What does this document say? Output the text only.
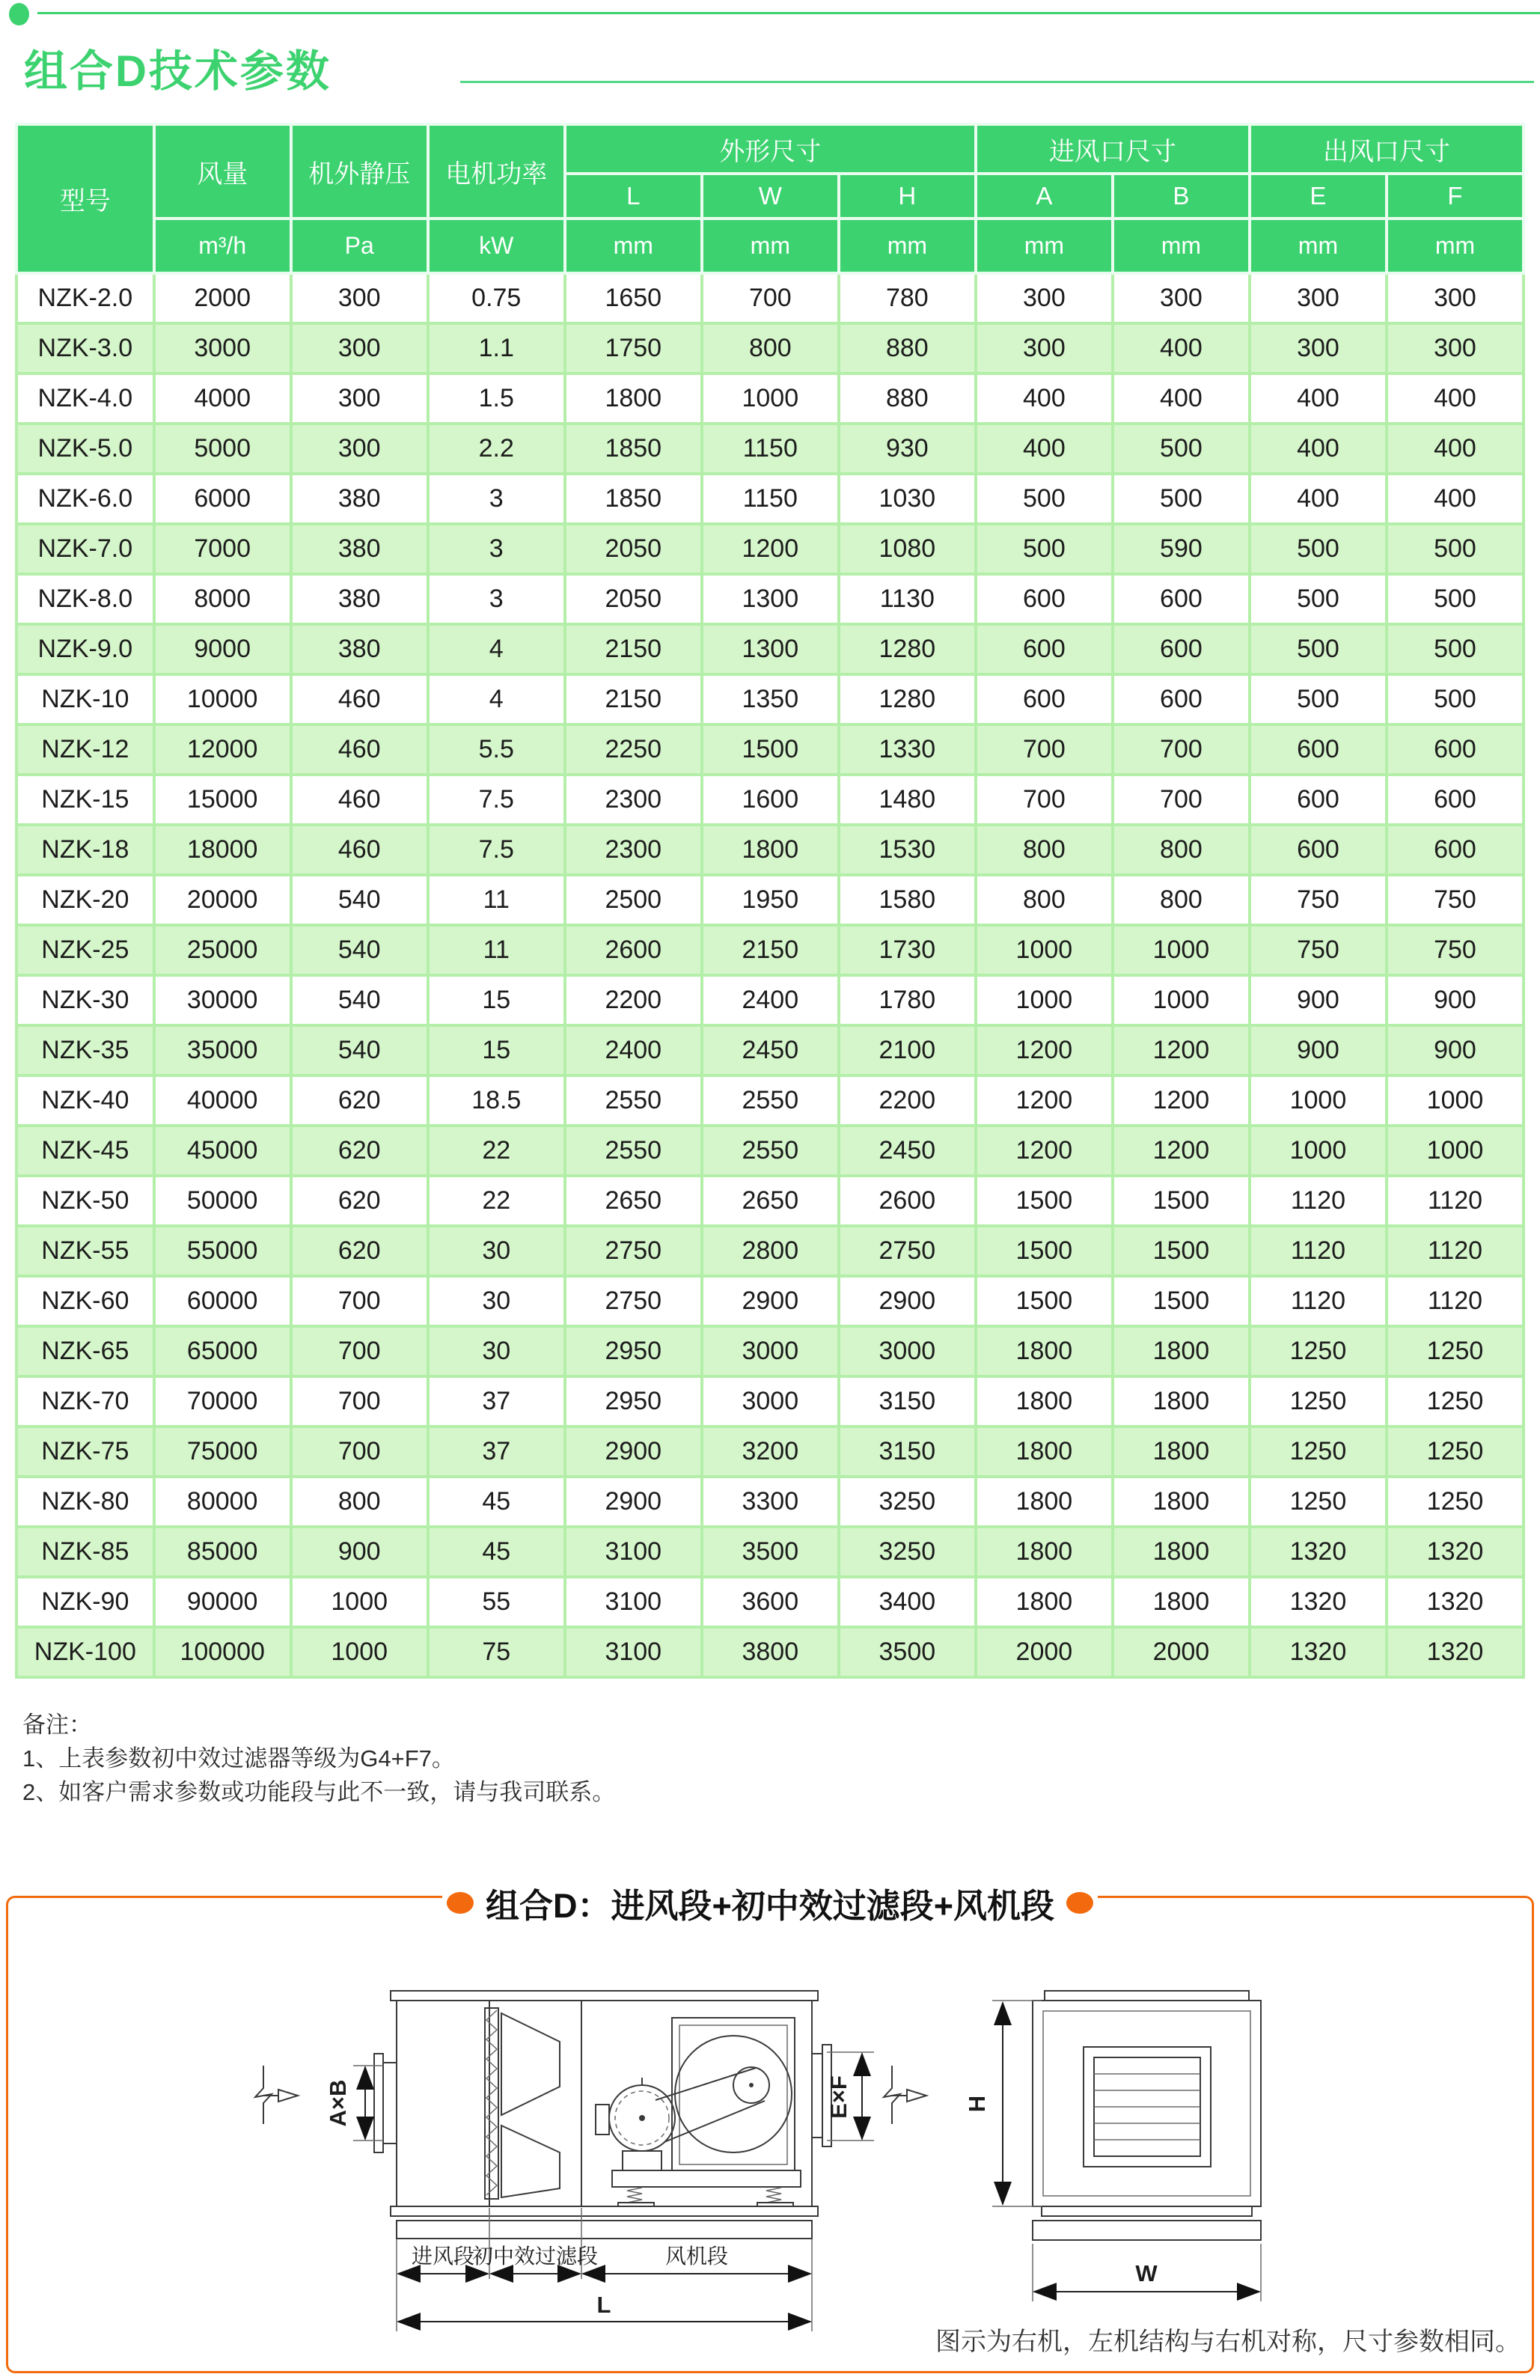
组合D技术参数
型号	风量	机外静压	电机功率	外形尺寸			进风口尺寸		出风口尺寸	
				L	W	H	A	B	E	F
	m³/h	Pa	kW	mm	mm	mm	mm	mm	mm	mm
NZK-2.0	2000	300	0.75	1650	700	780	300	300	300	300
NZK-3.0	3000	300	1.1	1750	800	880	300	400	300	300
NZK-4.0	4000	300	1.5	1800	1000	880	400	400	400	400
NZK-5.0	5000	300	2.2	1850	1150	930	400	500	400	400
NZK-6.0	6000	380	3	1850	1150	1030	500	500	400	400
NZK-7.0	7000	380	3	2050	1200	1080	500	590	500	500
NZK-8.0	8000	380	3	2050	1300	1130	600	600	500	500
NZK-9.0	9000	380	4	2150	1300	1280	600	600	500	500
NZK-10	10000	460	4	2150	1350	1280	600	600	500	500
NZK-12	12000	460	5.5	2250	1500	1330	700	700	600	600
NZK-15	15000	460	7.5	2300	1600	1480	700	700	600	600
NZK-18	18000	460	7.5	2300	1800	1530	800	800	600	600
NZK-20	20000	540	11	2500	1950	1580	800	800	750	750
NZK-25	25000	540	11	2600	2150	1730	1000	1000	750	750
NZK-30	30000	540	15	2200	2400	1780	1000	1000	900	900
NZK-35	35000	540	15	2400	2450	2100	1200	1200	900	900
NZK-40	40000	620	18.5	2550	2550	2200	1200	1200	1000	1000
NZK-45	45000	620	22	2550	2550	2450	1200	1200	1000	1000
NZK-50	50000	620	22	2650	2650	2600	1500	1500	1120	1120
NZK-55	55000	620	30	2750	2800	2750	1500	1500	1120	1120
NZK-60	60000	700	30	2750	2900	2900	1500	1500	1120	1120
NZK-65	65000	700	30	2950	3000	3000	1800	1800	1250	1250
NZK-70	70000	700	37	2950	3000	3150	1800	1800	1250	1250
NZK-75	75000	700	37	2900	3200	3150	1800	1800	1250	1250
NZK-80	80000	800	45	2900	3300	3250	1800	1800	1250	1250
NZK-85	85000	900	45	3100	3500	3250	1800	1800	1320	1320
NZK-90	90000	1000	55	3100	3600	3400	1800	1800	1320	1320
NZK-100	100000	1000	75	3100	3800	3500	2000	2000	1320	1320
备注：
1、上表参数初中效过滤器等级为G4+F7。
2、如客户需求参数或功能段与此不一致，请与我司联系。
组合D：进风段+初中效过滤段+风机段
A×B	E×F
进风段
初中效过滤段	风机段
L
H
W
图示为右机，左机结构与右机对称，尺寸参数相同。
